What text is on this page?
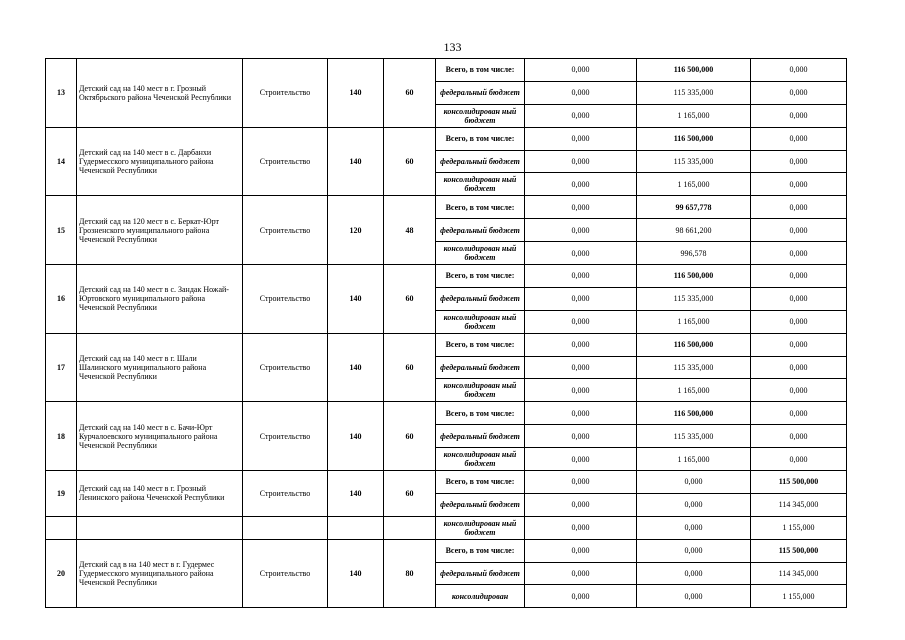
133
13	Детский сад на 140 мест в г. Грозный Октябрьского района Чеченской Республики	Строительство	140	60	Всего, в том числе:	0,000	116 500,000	0,000
					федеральный бюджет	0,000	115 335,000	0,000
					консолидирован ный бюджет	0,000	1 165,000	0,000
14	Детский сад на 140 мест в с. Дарбанхи Гудермесского муниципального района Чеченской Республики	Строительство	140	60	Всего, в том числе:	0,000	116 500,000	0,000
					федеральный бюджет	0,000	115 335,000	0,000
					консолидирован ный бюджет	0,000	1 165,000	0,000
15	Детский сад на 120 мест в с. Беркат-Юрт Грозненского муниципального района Чеченской Республики	Строительство	120	48	Всего, в том числе:	0,000	99 657,778	0,000
					федеральный бюджет	0,000	98 661,200	0,000
					консолидирован ный бюджет	0,000	996,578	0,000
16	Детский сад на 140 мест в с. Зандак Ножай-Юртовского муниципального района Чеченской Республики	Строительство	140	60	Всего, в том числе:	0,000	116 500,000	0,000
					федеральный бюджет	0,000	115 335,000	0,000
					консолидирован ный бюджет	0,000	1 165,000	0,000
17	Детский сад на 140 мест в г. Шали Шалинского муниципального района Чеченской Республики	Строительство	140	60	Всего, в том числе:	0,000	116 500,000	0,000
					федеральный бюджет	0,000	115 335,000	0,000
					консолидирован ный бюджет	0,000	1 165,000	0,000
18	Детский сад на 140 мест в с. Бачи-Юрт Курчалоевского муниципального района Чеченской Республики	Строительство	140	60	Всего, в том числе:	0,000	116 500,000	0,000
					федеральный бюджет	0,000	115 335,000	0,000
					консолидирован ный бюджет	0,000	1 165,000	0,000
19	Детский сад на 140 мест в г. Грозный Ленинского района Чеченской Республики	Строительство	140	60	Всего, в том числе:	0,000	0,000	115 500,000
					федеральный бюджет	0,000	0,000	114 345,000
					консолидирован ный бюджет	0,000	0,000	1 155,000
20	Детский сад в на 140 мест в г. Гудермес Гудермесского муниципального района Чеченской Республики	Строительство	140	80	Всего, в том числе:	0,000	0,000	115 500,000
					федеральный бюджет	0,000	0,000	114 345,000
					консолидирован	0,000	0,000	1 155,000
